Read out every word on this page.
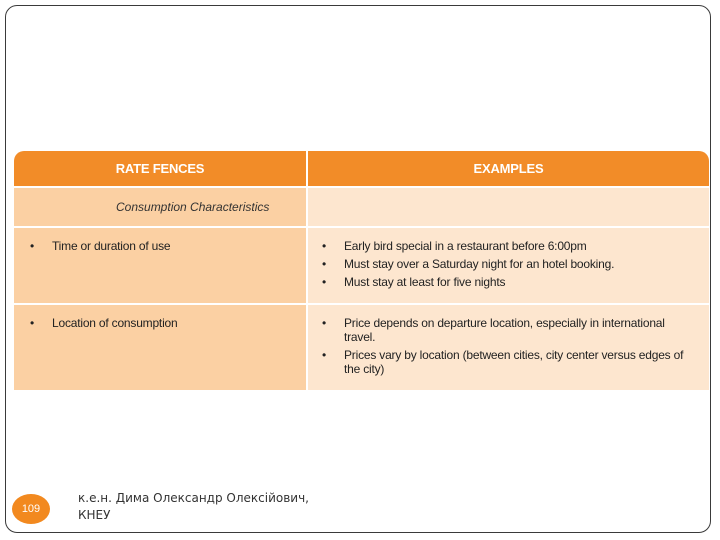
RATE FENCES	EXAMPLES
Consumption Characteristics
• Time or duration of use	• Early bird special in a restaurant before 6:00pm
• Must stay over a Saturday night for an hotel booking.
• Must stay at least for five nights
• Location of consumption	• Price depends on departure location, especially in international travel.
• Prices vary by location (between cities, city center versus edges of the city)
109
к.е.н. Дима Олександр Олексійович,
КНЕУ
